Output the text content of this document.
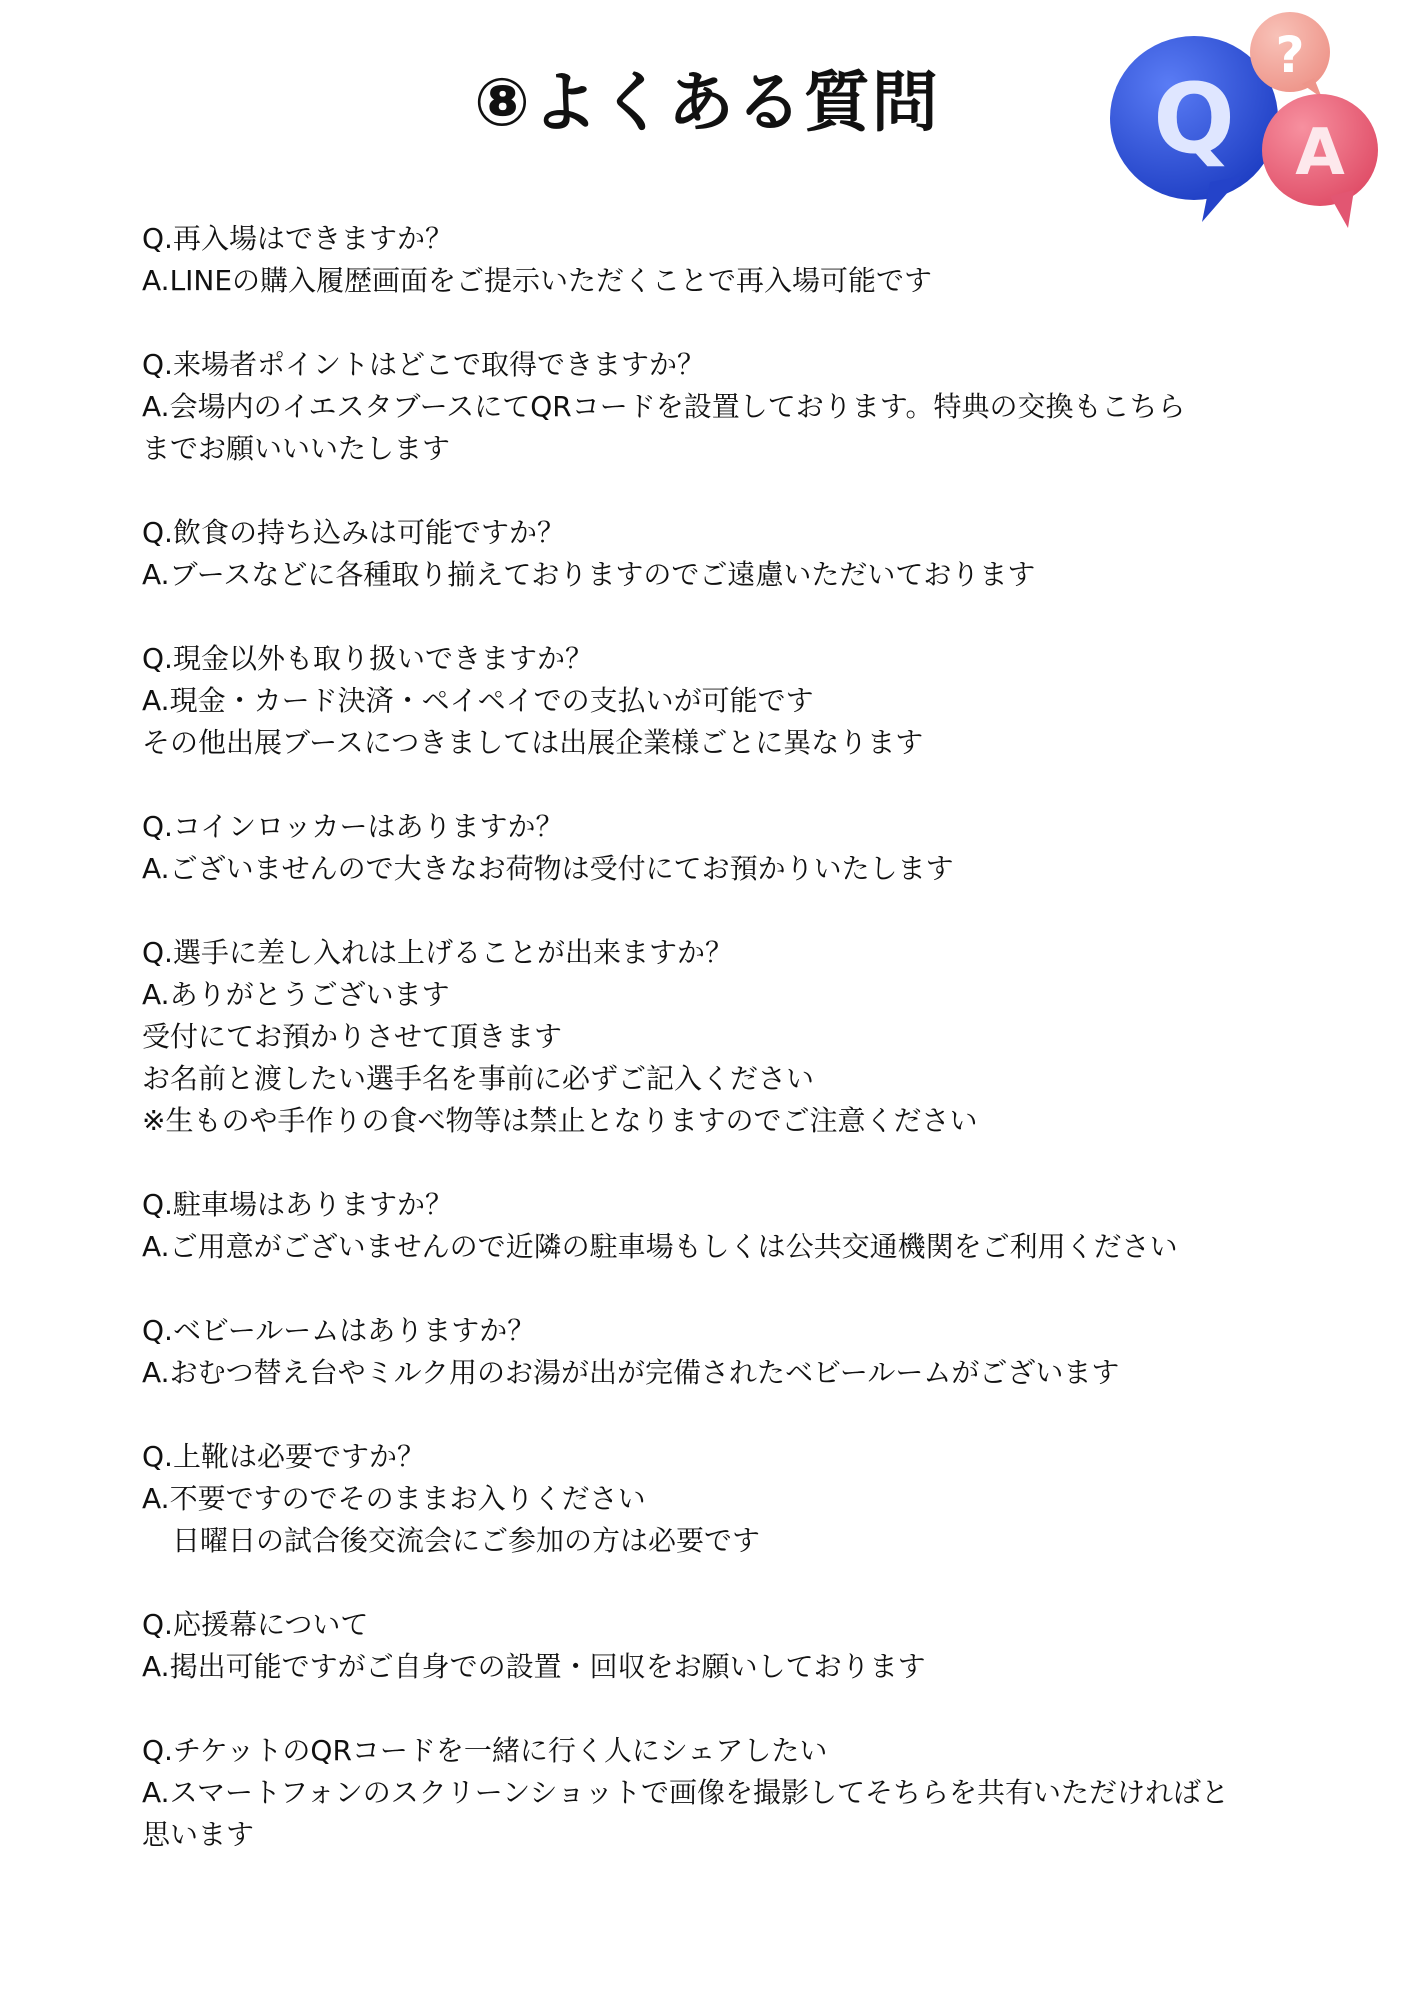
⑧よくある質問	Q
?
A
Q.再入場はできますか？
A.LINEの購入履歴画面をご提示いただくことで再入場可能です
Q.来場者ポイントはどこで取得できますか？
A.会場内のイエスタブースにてQRコードを設置しております。特典の交換もこちら
までお願いいいたします
Q.飲食の持ち込みは可能ですか？
A.ブースなどに各種取り揃えておりますのでご遠慮いただいております
Q.現金以外も取り扱いできますか？
A.現金・カード決済・ペイペイでの支払いが可能です
その他出展ブースにつきましては出展企業様ごとに異なります
Q.コインロッカーはありますか？
A.ございませんので大きなお荷物は受付にてお預かりいたします
Q.選手に差し入れは上げることが出来ますか？
A.ありがとうございます
受付にてお預かりさせて頂きます
お名前と渡したい選手名を事前に必ずご記入ください
※生ものや手作りの食べ物等は禁止となりますのでご注意ください
Q.駐車場はありますか？
A.ご用意がございませんので近隣の駐車場もしくは公共交通機関をご利用ください
Q.ベビールームはありますか？
A.おむつ替え台やミルク用のお湯が出が完備されたベビールームがございます
Q.上靴は必要ですか？
A.不要ですのでそのままお入りください
日曜日の試合後交流会にご参加の方は必要です
Q.応援幕について
A.掲出可能ですがご自身での設置・回収をお願いしております
Q.チケットのQRコードを一緒に行く人にシェアしたい
A.スマートフォンのスクリーンショットで画像を撮影してそちらを共有いただければと
思います
